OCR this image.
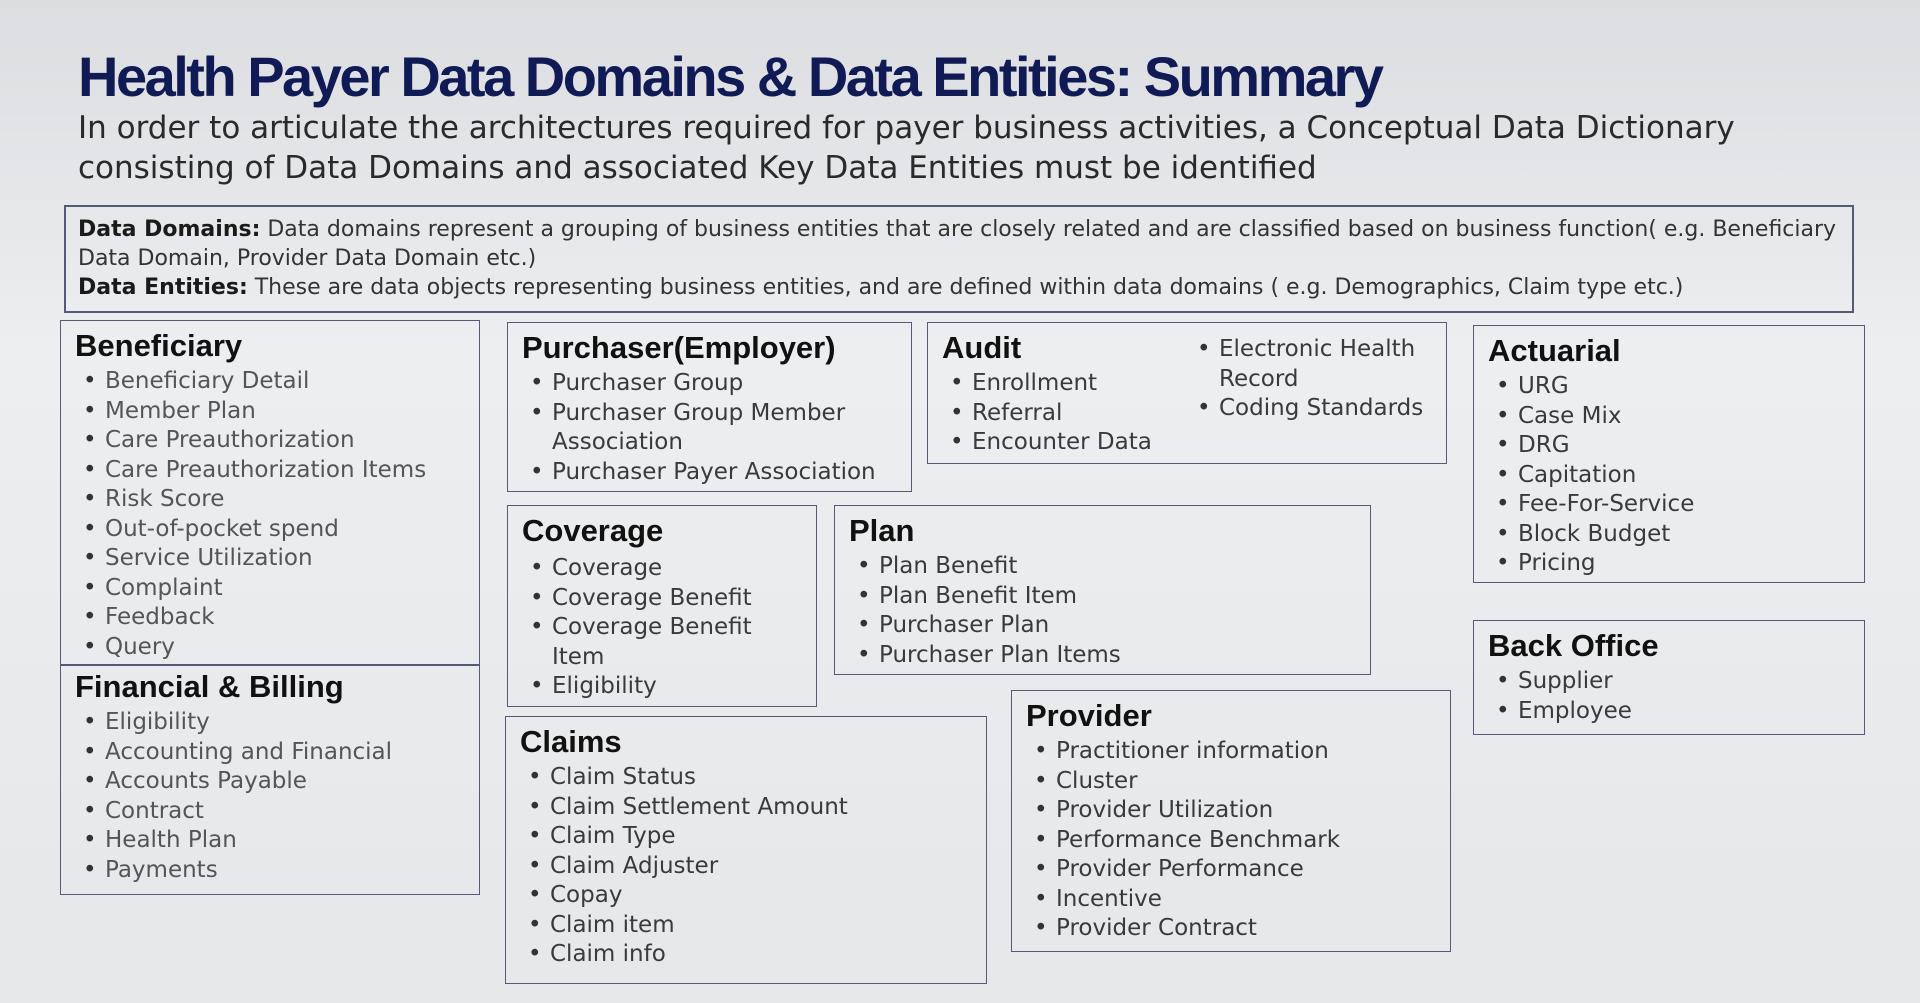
Health Payer Data Domains & Data Entities: Summary
In order to articulate the architectures required for payer business activities, a Conceptual Data Dictionary consisting of Data Domains and associated Key Data Entities must be identified
Data Domains: Data domains represent a grouping of business entities that are closely related and are classified based on business function( e.g. Beneficiary Data Domain, Provider Data Domain etc.)
Data Entities: These are data objects representing business entities, and are defined within data domains ( e.g. Demographics, Claim type etc.)
Beneficiary
• Beneficiary Detail
• Member Plan
• Care Preauthorization
• Care Preauthorization Items
• Risk Score
• Out-of-pocket spend
• Service Utilization
• Complaint
• Feedback
• Query
Financial & Billing
• Eligibility
• Accounting and Financial
• Accounts Payable
• Contract
• Health Plan
• Payments
Purchaser(Employer)
• Purchaser Group
• Purchaser Group Member Association
• Purchaser Payer Association
Audit
• Enrollment
• Referral
• Encounter Data
• Electronic Health Record
• Coding Standards
Actuarial
• URG
• Case Mix
• DRG
• Capitation
• Fee-For-Service
• Block Budget
• Pricing
Coverage
• Coverage
• Coverage Benefit
• Coverage Benefit Item
• Eligibility
Plan
• Plan Benefit
• Plan Benefit Item
• Purchaser Plan
• Purchaser Plan Items	Back Office
• Supplier
• Employee
Claims
• Claim Status
• Claim Settlement Amount
• Claim Type
• Claim Adjuster
• Copay
• Claim item
• Claim info
Provider
• Practitioner information
• Cluster
• Provider Utilization
• Performance Benchmark
• Provider Performance
• Incentive
• Provider Contract
